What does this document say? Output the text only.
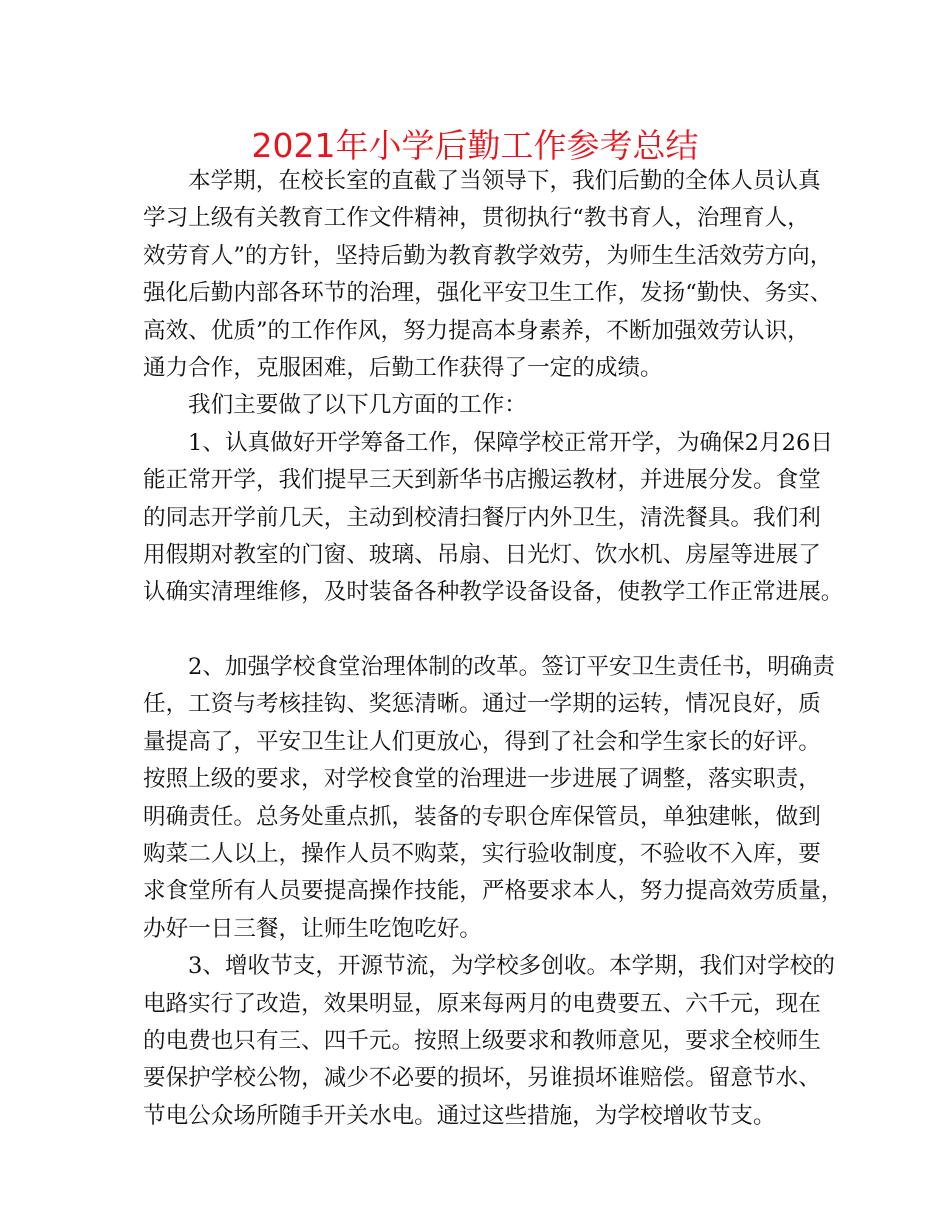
2021年小学后勤工作参考总结
本学期，在校长室的直截了当领导下，我们后勤的全体人员认真
学习上级有关教育工作文件精神，贯彻执行“教书育人，治理育人，
效劳育人”的方针，坚持后勤为教育教学效劳，为师生生活效劳方向，
强化后勤内部各环节的治理，强化平安卫生工作，发扬“勤快、务实、
高效、优质”的工作作风，努力提高本身素养，不断加强效劳认识，
通力合作，克服困难，后勤工作获得了一定的成绩。
我们主要做了以下几方面的工作：
1、认真做好开学筹备工作，保障学校正常开学，为确保2月26日
能正常开学，我们提早三天到新华书店搬运教材，并进展分发。食堂
的同志开学前几天，主动到校清扫餐厅内外卫生，清洗餐具。我们利
用假期对教室的门窗、玻璃、吊扇、日光灯、饮水机、房屋等进展了
认确实清理维修，及时装备各种教学设备设备，使教学工作正常进展。
2、加强学校食堂治理体制的改革。签订平安卫生责任书，明确责
任，工资与考核挂钩、奖惩清晰。通过一学期的运转，情况良好，质
量提高了，平安卫生让人们更放心，得到了社会和学生家长的好评。
按照上级的要求，对学校食堂的治理进一步进展了调整，落实职责，
明确责任。总务处重点抓，装备的专职仓库保管员，单独建帐，做到
购菜二人以上，操作人员不购菜，实行验收制度，不验收不入库，要
求食堂所有人员要提高操作技能，严格要求本人，努力提高效劳质量，
办好一日三餐，让师生吃饱吃好。
3、增收节支，开源节流，为学校多创收。本学期，我们对学校的
电路实行了改造，效果明显，原来每两月的电费要五、六千元，现在
的电费也只有三、四千元。按照上级要求和教师意见，要求全校师生
要保护学校公物，减少不必要的损坏，另谁损坏谁赔偿。留意节水、
节电公众场所随手开关水电。通过这些措施，为学校增收节支。
